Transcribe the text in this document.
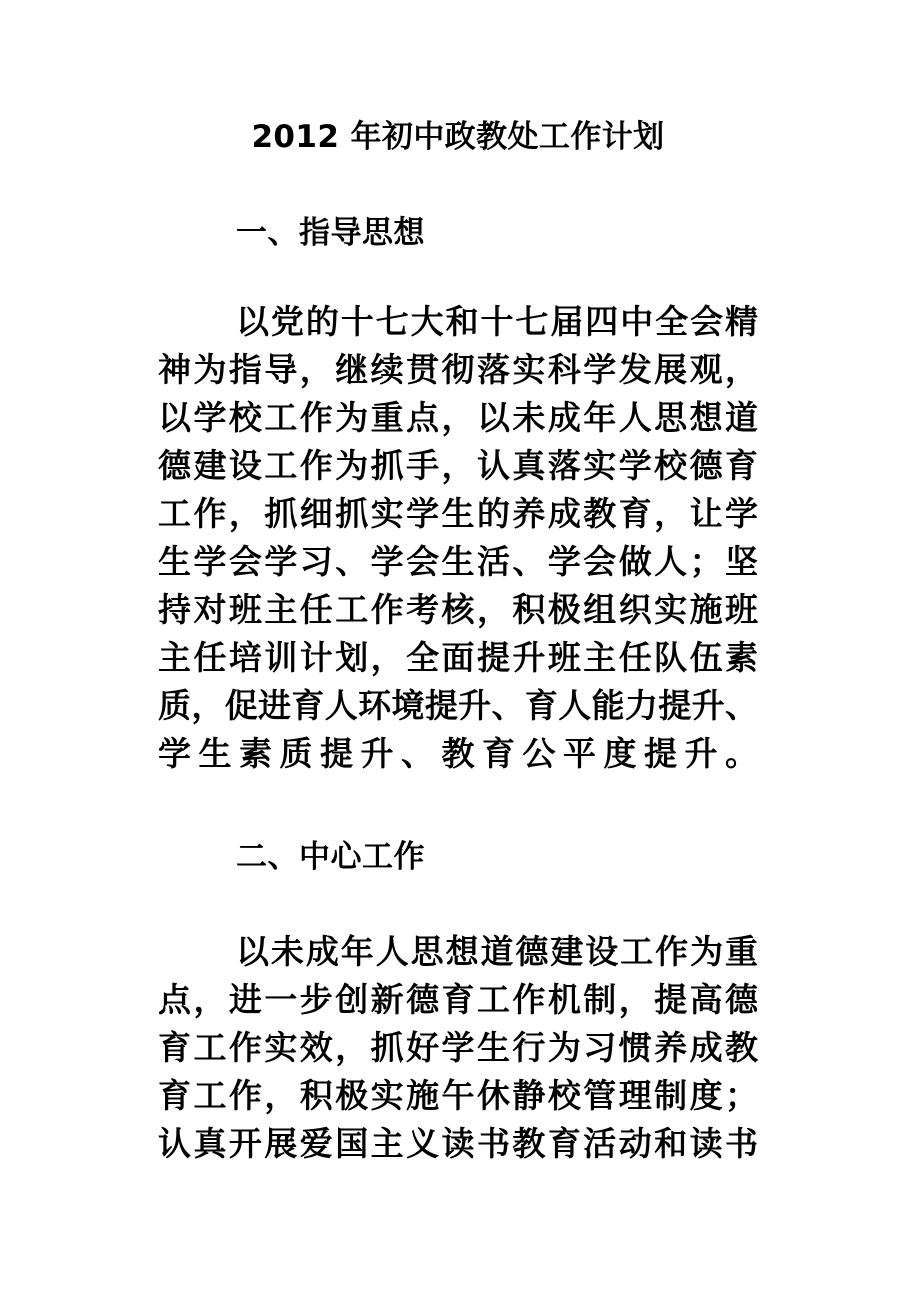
2012 年初中政教处工作计划
一、指导思想
以党的十七大和十七届四中全会精
神为指导，继续贯彻落实科学发展观，
以学校工作为重点，以未成年人思想道
德建设工作为抓手，认真落实学校德育
工作，抓细抓实学生的养成教育，让学
生学会学习、学会生活、学会做人；坚
持对班主任工作考核，积极组织实施班
主任培训计划，全面提升班主任队伍素
质，促进育人环境提升、育人能力提升、
学生素质提升、教育公平度提升。
二、中心工作
以未成年人思想道德建设工作为重
点，进一步创新德育工作机制，提高德
育工作实效，抓好学生行为习惯养成教
育工作，积极实施午休静校管理制度；
认真开展爱国主义读书教育活动和读书
